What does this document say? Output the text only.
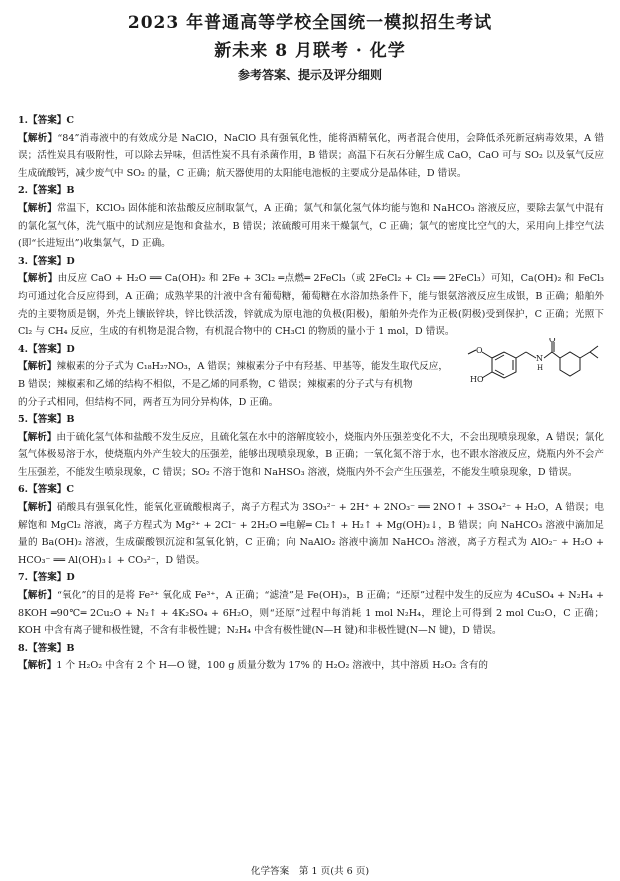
2023 年普通高等学校全国统一模拟招生考试
新未来 8 月联考 · 化学
参考答案、提示及评分细则

1.【答案】C

【解析】“84”消毒液中的有效成分是 NaClO，NaClO 具有强氧化性，能将酒精氧化，两者混合使用，会降低杀死新冠病毒效果，A 错误；活性炭具有吸附性，可以除去异味，但活性炭不具有杀菌作用，B 错误；高温下石灰石分解生成 CaO，CaO 可与 SO₂ 以及氧气反应生成硫酸钙，减少废气中 SO₂ 的量，C 正确；航天器使用的太阳能电池板的主要成分是晶体硅，D 错误。

2.【答案】B

【解析】常温下，KClO₃ 固体能和浓盐酸反应制取氯气，A 正确；氯气和氯化氢气体均能与饱和 NaHCO₃ 溶液反应，要除去氯气中混有的氯化氢气体，洗气瓶中的试剂应是饱和食盐水，B 错误；浓硫酸可用来干燥氯气，C 正确；氯气的密度比空气的大，采用向上排空气法(即“长进短出”)收集氯气，D 正确。

3.【答案】D

【解析】由反应 CaO + H₂O ══ Ca(OH)₂ 和 2Fe + 3Cl₂ ═点燃═ 2FeCl₃（或 2FeCl₂ + Cl₂ ══ 2FeCl₃）可知，Ca(OH)₂ 和 FeCl₃ 均可通过化合反应得到，A 正确；成熟苹果的汁液中含有葡萄糖，葡萄糖在水浴加热条件下，能与银氨溶液反应生成银，B 正确；船舶外壳的主要物质是钢，外壳上镶嵌锌块，锌比铁活泼，锌就成为原电池的负极(阳极)，船舶外壳作为正极(阴极)受到保护，C 正确；光照下 Cl₂ 与 CH₄ 反应，生成的有机物是混合物，有机混合物中的 CH₃Cl 的物质的量小于 1 mol，D 错误。

4.【答案】D

【解析】辣椒素的分子式为 C₁₈H₂₇NO₃，A 错误；辣椒素分子中有羟基、甲基等，能发生取代反应，B 错误；辣椒素和乙烯的结构不相似，不是乙烯的同系物，C 错误；辣椒素的分子式与有机物

O
HO
N
H
O

的分子式相同，但结构不同，两者互为同分异构体，D 正确。

5.【答案】B

【解析】由于硫化氢气体和盐酸不发生反应，且硫化氢在水中的溶解度较小，烧瓶内外压强差变化不大，不会出现喷泉现象，A 错误；氯化氢气体极易溶于水，使烧瓶内外产生较大的压强差，能够出现喷泉现象，B 正确；一氧化氮不溶于水，也不跟水溶液反应，烧瓶内外不会产生压强差，不能发生喷泉现象，C 错误；SO₂ 不溶于饱和 NaHSO₃ 溶液，烧瓶内外不会产生压强差，不能发生喷泉现象，D 错误。

6.【答案】C

【解析】硝酸具有强氧化性，能氧化亚硫酸根离子，离子方程式为 3SO₃²⁻ + 2H⁺ + 2NO₃⁻ ══ 2NO↑ + 3SO₄²⁻ + H₂O，A 错误；电解饱和 MgCl₂ 溶液，离子方程式为 Mg²⁺ + 2Cl⁻ + 2H₂O ═电解═ Cl₂↑ + H₂↑ + Mg(OH)₂↓，B 错误；向 NaHCO₃ 溶液中滴加足量的 Ba(OH)₂ 溶液，生成碳酸钡沉淀和氢氧化钠，C 正确；向 NaAlO₂ 溶液中滴加 NaHCO₃ 溶液，离子方程式为 AlO₂⁻ + H₂O + HCO₃⁻ ══ Al(OH)₃↓ + CO₃²⁻，D 错误。

7.【答案】D

【解析】“氧化”的目的是将 Fe²⁺ 氧化成 Fe³⁺，A 正确；“滤渣”是 Fe(OH)₃，B 正确；“还原”过程中发生的反应为 4CuSO₄ + N₂H₄ + 8KOH ═90℃═ 2Cu₂O + N₂↑ + 4K₂SO₄ + 6H₂O，则“还原”过程中每消耗 1 mol N₂H₄，理论上可得到 2 mol Cu₂O，C 正确；KOH 中含有离子键和极性键，不含有非极性键；N₂H₄ 中含有极性键(N—H 键)和非极性键(N—N 键)，D 错误。

8.【答案】B

【解析】1 个 H₂O₂ 中含有 2 个 H—O 键，100 g 质量分数为 17% 的 H₂O₂ 溶液中，其中溶质 H₂O₂ 含有的

化学答案　第 1 页(共 6 页)
